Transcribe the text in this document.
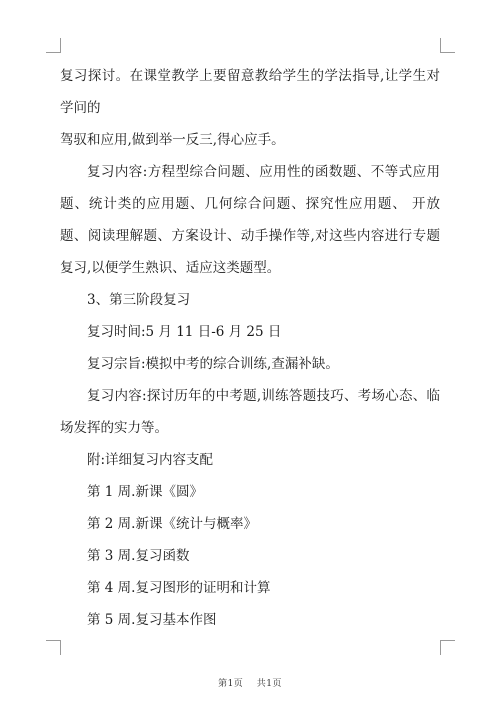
复习探讨。在课堂教学上要留意教给学生的学法指导,让学生对学问的

驾驭和应用,做到举一反三,得心应手。

复习内容:方程型综合问题、应用性的函数题、不等式应用题、统计类的应用题、几何综合问题、探究性应用题、 开放题、阅读理解题、方案设计、动手操作等,对这些内容进行专题复习,以便学生熟识、适应这类题型。

3、第三阶段复习

复习时间:5 月 11 日-6 月 25 日

复习宗旨:模拟中考的综合训练,查漏补缺。

复习内容:探讨历年的中考题,训练答题技巧、考场心态、临场发挥的实力等。

附:详细复习内容支配

第 1 周.新课《圆》

第 2 周.新课《统计与概率》

第 3 周.复习函数

第 4 周.复习图形的证明和计算

第 5 周.复习基本作图

第1页 共1页
